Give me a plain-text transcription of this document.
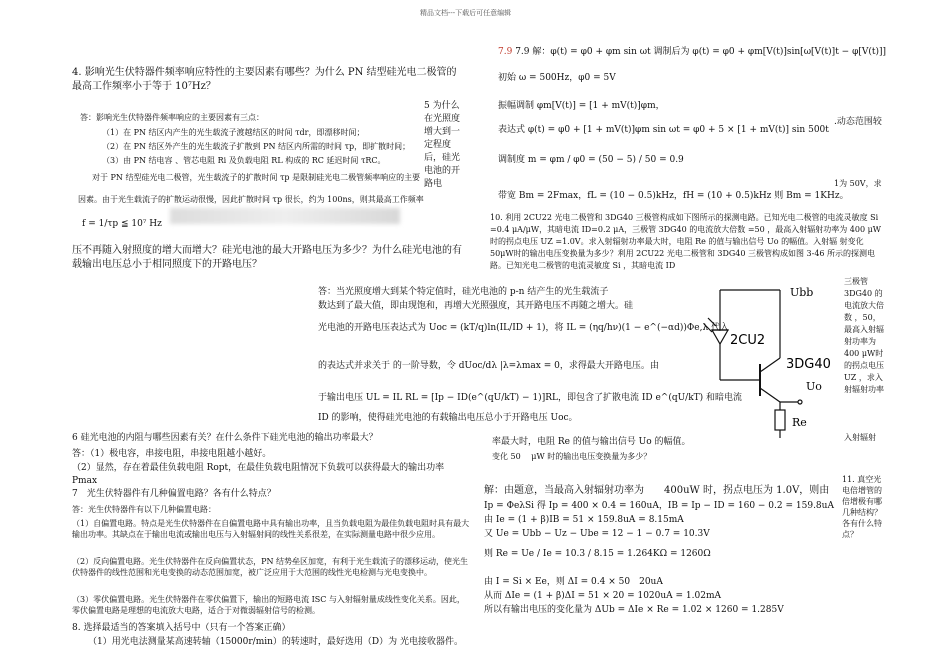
精品文档---下载后可任意编辑
4. 影响光生伏特器件频率响应特性的主要因素有哪些？为什么 PN 结型硅光电二极管的最高工作频率小于等于 10⁷Hz？
答：影响光生伏特器件频率响应的主要因素有三点：
（1）在 PN 结区内产生的光生载流子渡越结区的时间 τdr，即漂移时间；
（2）在 PN 结区外产生的光生载流子扩散到 PN 结区内所需的时间 τp，即扩散时间；
（3）由 PN 结电容 、管芯电阻 Ri 及负载电阻 RL 构成的 RC 延迟时间 τRC。
对于 PN 结型硅光电二极管，光生载流子的扩散时间 τp 是限制硅光电二极管频率响应的主要
因素。由于光生载流子的扩散运动很慢，因此扩散时间 τp 很长，约为 100ns，则其最高工作频率
f = 1/τp ≦ 10⁷ Hz
5 为什么在光照度增大到一定程度后，硅光电池的开路电
压不再随入射照度的增大而增大？硅光电池的最大开路电压为多少？为什么硅光电池的有载输出电压总小于相同照度下的开路电压？
6 硅光电池的内阻与哪些因素有关？在什么条件下硅光电池的输出功率最大？
答：（1）极电容，串接电阻，串接电阻越小越好。
（2）显然，存在着最佳负载电阻 Ropt，在最佳负载电阻情况下负载可以获得最大的输出功率 Pmax
7　光生伏特器件有几种偏置电路？各有什么特点？
答：光生伏特器件有以下几种偏置电路：
（1）自偏置电路。特点是光生伏特器件在自偏置电路中具有输出功率，且当负载电阻为最佳负载电阻时具有最大输出功率。其缺点在于输出电流或输出电压与入射辐射间的线性关系很差，在实际测量电路中很少应用。
（2）反向偏置电路。光生伏特器件在反向偏置状态，PN 结势垒区加宽，有利于光生载流子的漂移运动，使光生伏特器件的线性范围和光电变换的动态范围加宽，被广泛应用于大范围的线性光电检测与光电变换中。
（3）零伏偏置电路。光生伏特器件在零伏偏置下，输出的短路电流 ISC 与入射辐射量成线性变化关系。因此，零伏偏置电路是理想的电流放大电路，适合于对微弱辐射信号的检测。
8. 选择最适当的答案填入括号中（只有一个答案正确）
（1）用光电法测量某高速转轴（15000r/min）的转速时，最好选用（D）为 光电接收器件。
答：当光照度增大到某个特定值时，硅光电池的 p-n 结产生的光生载流子
数达到了最大值，即由现饱和，再增大光照强度，其开路电压不再随之增大。硅
光电池的开路电压表达式为 Uoc = (kT/q)ln(IL/ID + 1)，将 IL = (ηq/hν)(1 − e^(−αd))Φe,λ 代入
的表达式并求关于 的一阶导数，令 dUoc/dλ |λ=λmax = 0，求得最大开路电压。由
于输出电压 UL = IL RL = [Ip − ID(e^(qU/kT) − 1)]RL，即包含了扩散电流 ID e^(qU/kT) 和暗电流
ID 的影响，使得硅光电池的有载输出电压总小于开路电压 Uoc。
率最大时，电阻 Re 的值与输出信号 Uo 的幅值。
变化 50　 μW 时的输出电压变换量为多少？
解：由题意，当最高入射辐射功率为　　400uW 时，拐点电压为 1.0V，则由
Ip = ΦeλSi 得 Ip = 400 × 0.4 = 160uA，IB = Ip − ID = 160 − 0.2 = 159.8uA
由 Ie = (1 + β)IB = 51 × 159.8uA = 8.15mA
又 Ue = Ubb − Uz − Ube = 12 − 1 − 0.7 = 10.3V
则 Re = Ue / Ie = 10.3 / 8.15 = 1.264KΩ = 1260Ω
由 I = Si × Ee，则 ΔI = 0.4 × 50　20uA
从而 ΔIe = (1 + β)ΔI = 51 × 20 = 1020uA = 1.02mA
所以有输出电压的变化量为 ΔUb = ΔIe × Re = 1.02 × 1260 = 1.285V
7.9 7.9 解：φ(t) = φ0 + φm sin ωt 调制后为 φ(t) = φ0 + φm[V(t)]sin[ω[V(t)]t − φ[V(t)]]
初始 ω = 500Hz，φ0 = 5V
振幅调制 φm[V(t)] = [1 + mV(t)]φm，
表达式 φ(t) = φ0 + [1 + mV(t)]φm sin ωt = φ0 + 5 × [1 + mV(t)] sin 500t
.动态范围较
调制度 m = φm / φ0 = (50 − 5) / 50 = 0.9
1为 50V，求
带宽 Bm = 2Fmax，fL = (10 − 0.5)kHz，fH = (10 + 0.5)kHz 则 Bm = 1KHz。
10. 利用 2CU22 光电二极管和 3DG40 三极管构成如下图所示的探测电路。已知光电二极管的电流灵敏度 Si =0.4 μA/μW，其暗电流 ID=0.2 μA，三极管 3DG40 的电流放大倍数 =50 ，最高入射辐射功率为 400 μW时的拐点电压 UZ =1.0V。求入射辐射功率最大时，电阻 Re 的值与输出信号 Uo 的幅值。入射辐 射变化 50μW时的输出电压变换量为多少？利用 2CU22 光电二极管和 3DG40 三极管构成如图 3-46 所示的探测电路。已知光电二极管的电流灵敏度 Si ，其暗电流 ID
三极管 3DG40 的电流放大倍数 ，50，最高入射辐射功率为 400 μW时的拐点电压 UZ ，求入射辐射功率
入射辐射
11. 真空光电倍增管的倍增极有哪几种结构？各有什么特点？
Ubb
2CU2
3DG40
Uo
Re
